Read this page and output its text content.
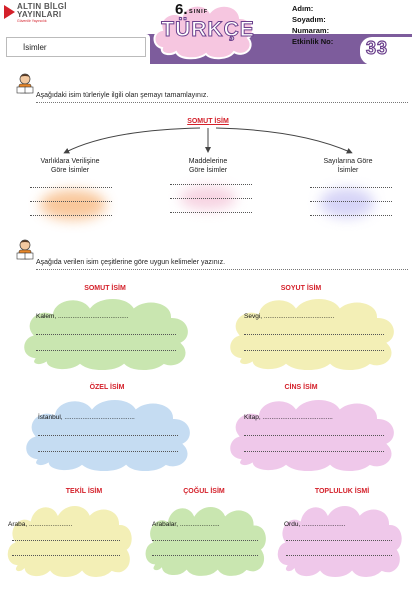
ALTIN BİLGİ
YAYINLARI
Güvenilir Yayıncılık
6. SINIF
TÜRKÇE
Adım:
Soyadım:
Numaram:
Etkinlik No:
İsimler	33
Aşağıdaki isim türleriyle ilgili olan şemayı tamamlayınız.
SOMUT İSİM
Varlıklara Verilişine
Göre İsimler
Maddelerine
Göre İsimler
Sayılarına Göre
İsimler
Aşağıda verilen isim çeşitlerine göre uygun kelimeler yazınız.
SOMUT İSİM
Kalem, .......................................
SOYUT İSİM
Sevgi, .......................................
ÖZEL İSİM
İstanbul, .......................................
CİNS İSİM
Kitap, .......................................
TEKİL İSİM
Araba, ........................
ÇOĞUL İSİM
Arabalar, ......................
TOPLULUK İSMİ
Ordu, ........................
